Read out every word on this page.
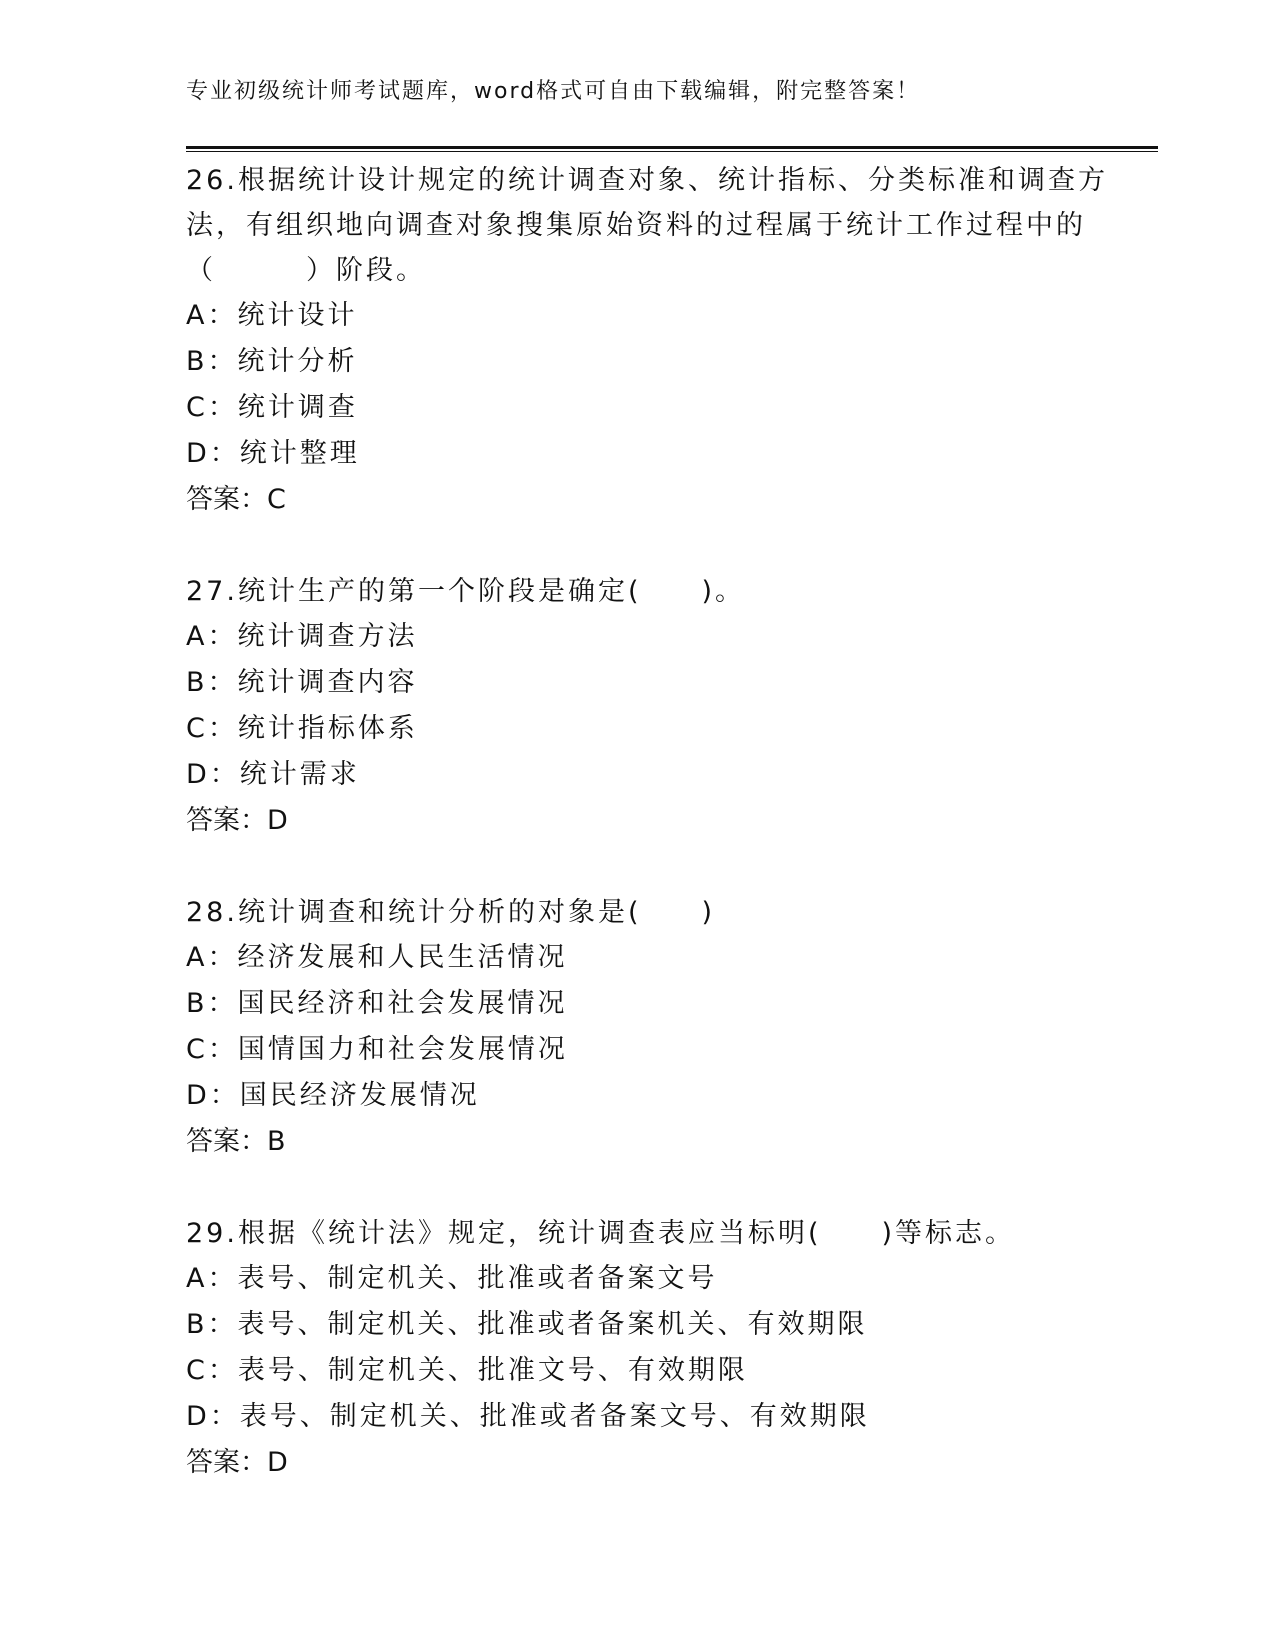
专业初级统计师考试题库，word格式可自由下载编辑，附完整答案！

26.根据统计设计规定的统计调查对象、统计指标、分类标准和调查方

法，有组织地向调查对象搜集原始资料的过程属于统计工作过程中的

（　　　）阶段。

A：统计设计

B：统计分析

C：统计调查

D：统计整理

答案：C

27.统计生产的第一个阶段是确定(　　)。

A：统计调查方法

B：统计调查内容

C：统计指标体系

D：统计需求

答案：D

28.统计调查和统计分析的对象是(　　)

A：经济发展和人民生活情况

B：国民经济和社会发展情况

C：国情国力和社会发展情况

D：国民经济发展情况

答案：B

29.根据《统计法》规定，统计调查表应当标明(　　)等标志。

A：表号、制定机关、批准或者备案文号

B：表号、制定机关、批准或者备案机关、有效期限

C：表号、制定机关、批准文号、有效期限

D：表号、制定机关、批准或者备案文号、有效期限

答案：D
